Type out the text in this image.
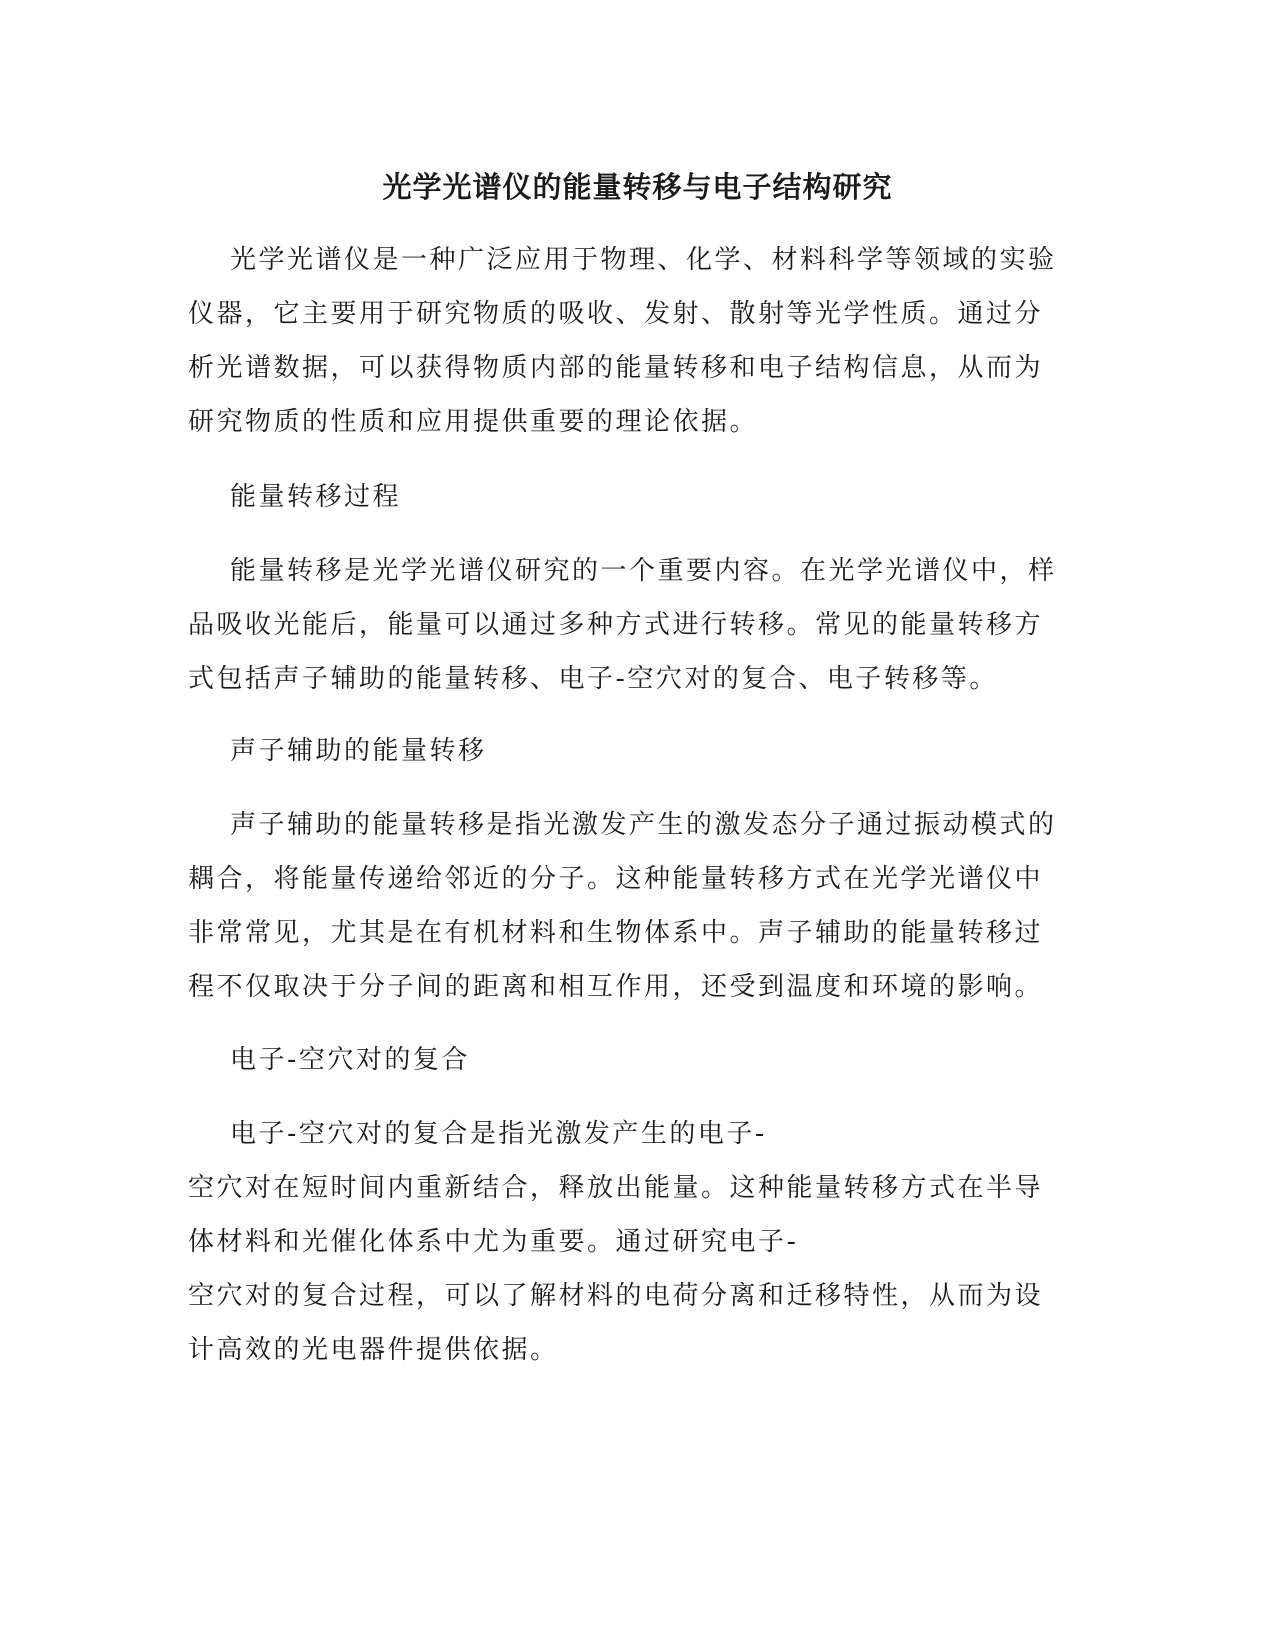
光学光谱仪的能量转移与电子结构研究
光学光谱仪是一种广泛应用于物理、化学、材料科学等领域的实验
仪器，它主要用于研究物质的吸收、发射、散射等光学性质。通过分
析光谱数据，可以获得物质内部的能量转移和电子结构信息，从而为
研究物质的性质和应用提供重要的理论依据。
能量转移过程
能量转移是光学光谱仪研究的一个重要内容。在光学光谱仪中，样
品吸收光能后，能量可以通过多种方式进行转移。常见的能量转移方
式包括声子辅助的能量转移、电子-空穴对的复合、电子转移等。
声子辅助的能量转移
声子辅助的能量转移是指光激发产生的激发态分子通过振动模式的
耦合，将能量传递给邻近的分子。这种能量转移方式在光学光谱仪中
非常常见，尤其是在有机材料和生物体系中。声子辅助的能量转移过
程不仅取决于分子间的距离和相互作用，还受到温度和环境的影响。
电子-空穴对的复合
电子-空穴对的复合是指光激发产生的电子-
空穴对在短时间内重新结合，释放出能量。这种能量转移方式在半导
体材料和光催化体系中尤为重要。通过研究电子-
空穴对的复合过程，可以了解材料的电荷分离和迁移特性，从而为设
计高效的光电器件提供依据。
